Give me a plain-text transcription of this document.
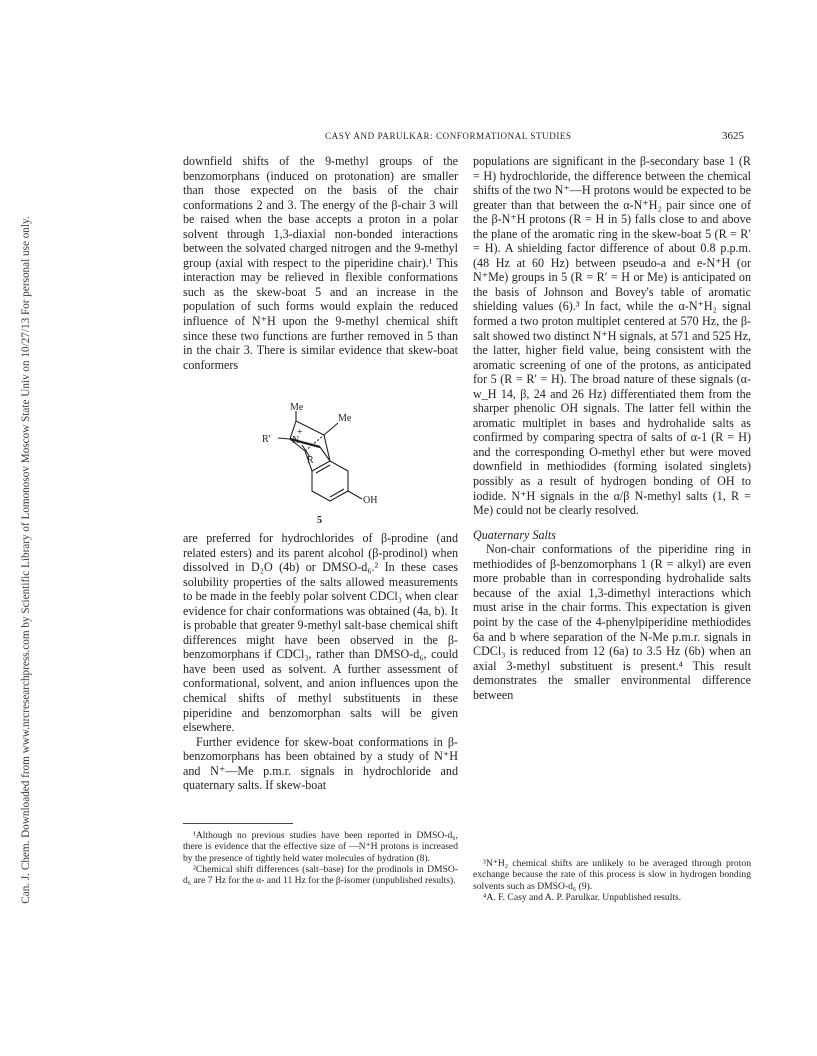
Can. J. Chem. Downloaded from www.nrcresearchpress.com by Scientific Library of Lomonosov Moscow State Univ on 10/27/13 For personal use only.
CASY AND PARULKAR: CONFORMATIONAL STUDIES	3625

downfield shifts of the 9-methyl groups of the benzomorphans (induced on protonation) are smaller than those expected on the basis of the chair conformations 2 and 3. The energy of the β-chair 3 will be raised when the base accepts a proton in a polar solvent through 1,3-diaxial non-bonded interactions between the solvated charged nitrogen and the 9-methyl group (axial with respect to the piperidine chair).¹ This interaction may be relieved in flexible conformations such as the skew-boat 5 and an increase in the population of such forms would explain the reduced influence of N⁺H upon the 9-methyl chemical shift since these two functions are further removed in 5 than in the chair 3. There is similar evidence that skew-boat conformers

Me
Me
R' N
+
R
OH
5

are preferred for hydrochlorides of β-prodine (and related esters) and its parent alcohol (β-prodinol) when dissolved in D₂O (4b) or DMSO-d₆.² In these cases solubility properties of the salts allowed measurements to be made in the feebly polar solvent CDCl₃ when clear evidence for chair conformations was obtained (4a, b). It is probable that greater 9-methyl salt-base chemical shift differences might have been observed in the β-benzomorphans if CDCl₃, rather than DMSO-d₆, could have been used as solvent. A further assessment of conformational, solvent, and anion influences upon the chemical shifts of methyl substituents in these piperidine and benzomorphan salts will be given elsewhere.

Further evidence for skew-boat conformations in β-benzomorphans has been obtained by a study of N⁺H and N⁺—Me p.m.r. signals in hydrochloride and quaternary salts. If skew-boat

populations are significant in the β-secondary base 1 (R = H) hydrochloride, the difference between the chemical shifts of the two N⁺—H protons would be expected to be greater than that between the α-N⁺H₂ pair since one of the β-N⁺H protons (R = H in 5) falls close to and above the plane of the aromatic ring in the skew-boat 5 (R = R′ = H). A shielding factor difference of about 0.8 p.p.m. (48 Hz at 60 Hz) between pseudo-a and e-N⁺H (or N⁺Me) groups in 5 (R = R′ = H or Me) is anticipated on the basis of Johnson and Bovey's table of aromatic shielding values (6).³ In fact, while the α-N⁺H₂ signal formed a two proton multiplet centered at 570 Hz, the β-salt showed two distinct N⁺H signals, at 571 and 525 Hz, the latter, higher field value, being consistent with the aromatic screening of one of the protons, as anticipated for 5 (R = R′ = H). The broad nature of these signals (α-w_H 14, β, 24 and 26 Hz) differentiated them from the sharper phenolic OH signals. The latter fell within the aromatic multiplet in bases and hydrohalide salts as confirmed by comparing spectra of salts of α-1 (R = H) and the corresponding O-methyl ether but were moved downfield in methiodides (forming isolated singlets) possibly as a result of hydrogen bonding of OH to iodide. N⁺H signals in the α/β N-methyl salts (1, R = Me) could not be clearly resolved.

Quaternary Salts

Non-chair conformations of the piperidine ring in methiodides of β-benzomorphans 1 (R = alkyl) are even more probable than in corresponding hydrohalide salts because of the axial 1,3-dimethyl interactions which must arise in the chair forms. This expectation is given point by the case of the 4-phenylpiperidine methiodides 6a and b where separation of the N-Me p.m.r. signals in CDCl₃ is reduced from 12 (6a) to 3.5 Hz (6b) when an axial 3-methyl substituent is present.⁴ This result demonstrates the smaller environmental difference between

¹Although no previous studies have been reported in DMSO-d₆, there is evidence that the effective size of —N⁺H protons is increased by the presence of tightly held water molecules of hydration (8).

²Chemical shift differences (salt–base) for the prodinols in DMSO-d₆ are 7 Hz for the α- and 11 Hz for the β-isomer (unpublished results).

³N⁺H₂ chemical shifts are unlikely to be averaged through proton exchange because the rate of this process is slow in hydrogen bonding solvents such as DMSO-d₆ (9).

⁴A. F. Casy and A. P. Parulkar. Unpublished results.
